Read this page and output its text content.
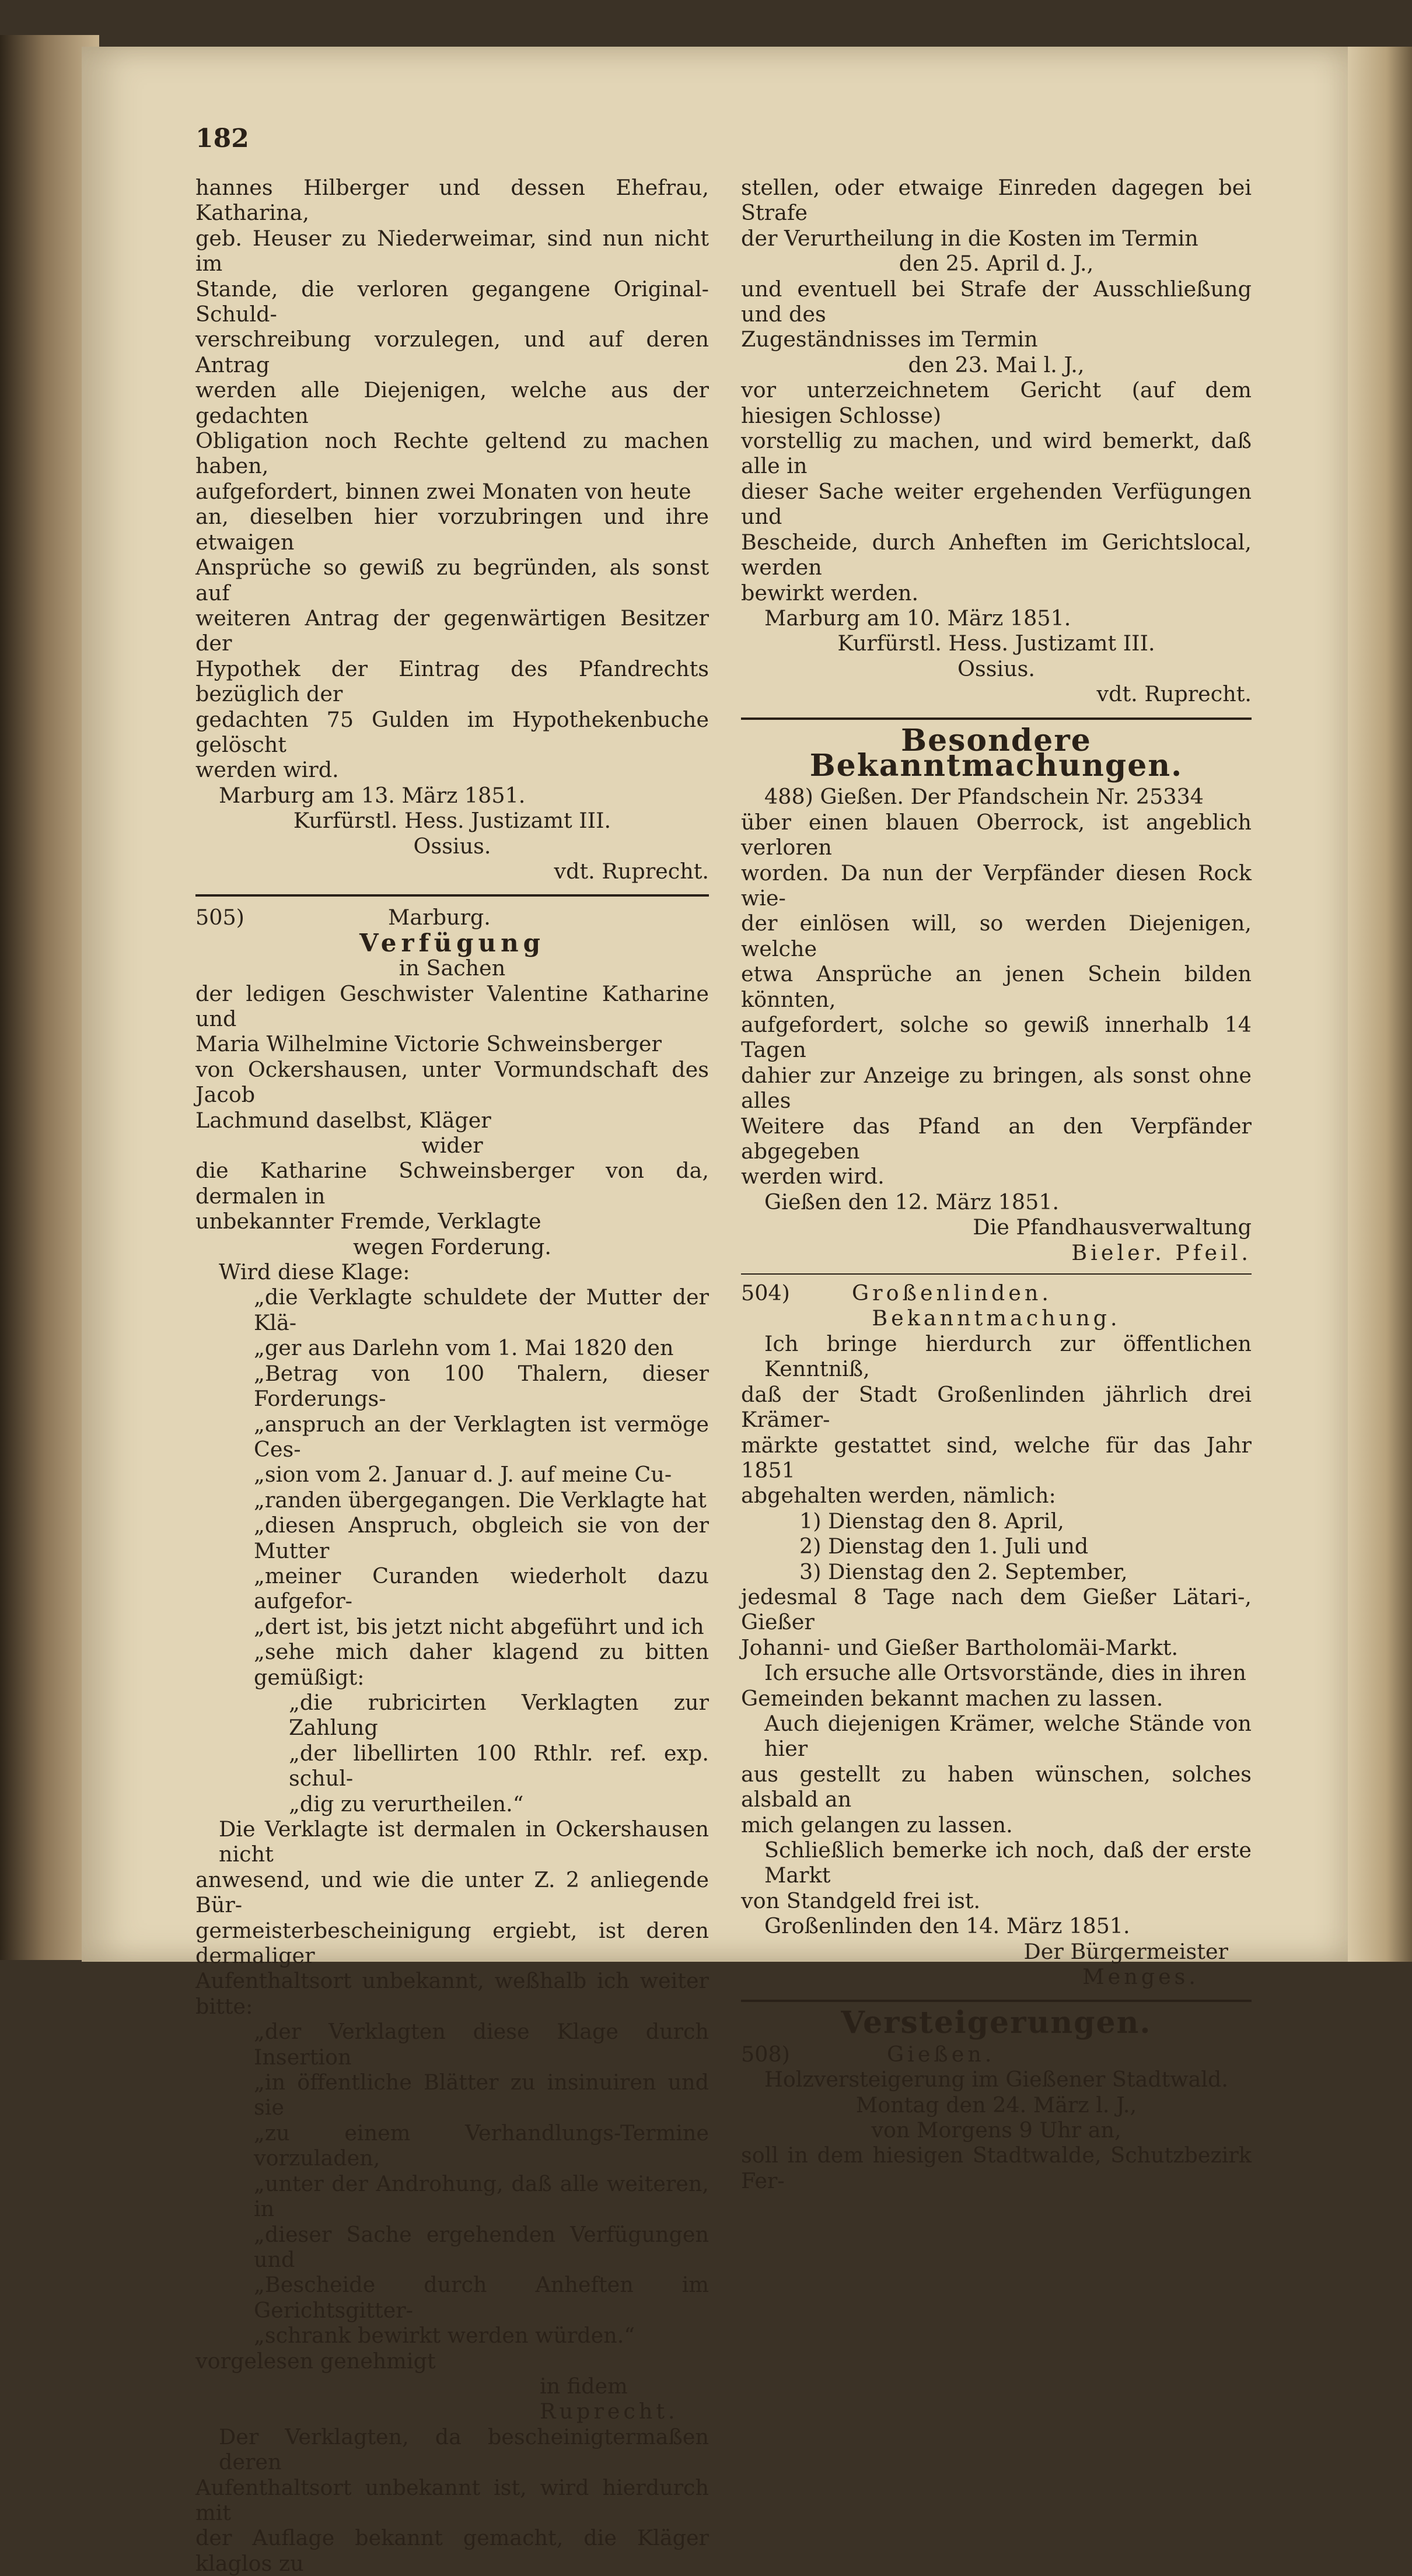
182

hannes Hilberger und dessen Ehefrau, Katharina,

geb. Heuser zu Niederweimar, sind nun nicht im

Stande, die verloren gegangene Original-Schuld-

verschreibung vorzulegen, und auf deren Antrag

werden alle Diejenigen, welche aus der gedachten

Obligation noch Rechte geltend zu machen haben,

aufgefordert, binnen zwei Monaten von heute

an, dieselben hier vorzubringen und ihre etwaigen

Ansprüche so gewiß zu begründen, als sonst auf

weiteren Antrag der gegenwärtigen Besitzer der

Hypothek der Eintrag des Pfandrechts bezüglich der

gedachten 75 Gulden im Hypothekenbuche gelöscht

werden wird.

Marburg am 13. März 1851.

Kurfürstl. Hess. Justizamt III.

Ossius.

vdt. Ruprecht.

505)	Marburg.

Verfügung

in Sachen

der ledigen Geschwister Valentine Katharine und

Maria Wilhelmine Victorie Schweinsberger

von Ockershausen, unter Vormundschaft des Jacob

Lachmund daselbst, Kläger

wider

die Katharine Schweinsberger von da, dermalen in

unbekannter Fremde, Verklagte

wegen Forderung.

Wird diese Klage:

„die Verklagte schuldete der Mutter der Klä-

„ger aus Darlehn vom 1. Mai 1820 den

„Betrag von 100 Thalern, dieser Forderungs-

„anspruch an der Verklagten ist vermöge Ces-

„sion vom 2. Januar d. J. auf meine Cu-

„randen übergegangen. Die Verklagte hat

„diesen Anspruch, obgleich sie von der Mutter

„meiner Curanden wiederholt dazu aufgefor-

„dert ist, bis jetzt nicht abgeführt und ich

„sehe mich daher klagend zu bitten gemüßigt:

„die rubricirten Verklagten zur Zahlung

„der libellirten 100 Rthlr. ref. exp. schul-

„dig zu verurtheilen.“

Die Verklagte ist dermalen in Ockershausen nicht

anwesend, und wie die unter Z. 2 anliegende Bür-

germeisterbescheinigung ergiebt, ist deren dermaliger

Aufenthaltsort unbekannt, weßhalb ich weiter bitte:

„der Verklagten diese Klage durch Insertion

„in öffentliche Blätter zu insinuiren und sie

„zu einem Verhandlungs-Termine vorzuladen,

„unter der Androhung, daß alle weiteren, in

„dieser Sache ergehenden Verfügungen und

„Bescheide durch Anheften im Gerichtsgitter-

„schrank bewirkt werden würden.“

vorgelesen genehmigt

in fidem

Ruprecht.

Der Verklagten, da bescheinigtermaßen deren

Aufenthaltsort unbekannt ist, wird hierdurch mit

der Auflage bekannt gemacht, die Kläger klaglos zu

stellen, oder etwaige Einreden dagegen bei Strafe

der Verurtheilung in die Kosten im Termin

den 25. April d. J.,

und eventuell bei Strafe der Ausschließung und des

Zugeständnisses im Termin

den 23. Mai l. J.,

vor unterzeichnetem Gericht (auf dem hiesigen Schlosse)

vorstellig zu machen, und wird bemerkt, daß alle in

dieser Sache weiter ergehenden Verfügungen und

Bescheide, durch Anheften im Gerichtslocal, werden

bewirkt werden.

Marburg am 10. März 1851.

Kurfürstl. Hess. Justizamt III.

Ossius.

vdt. Ruprecht.

Besondere Bekanntmachungen.

488) Gießen. Der Pfandschein Nr. 25334

über einen blauen Oberrock, ist angeblich verloren

worden. Da nun der Verpfänder diesen Rock wie-

der einlösen will, so werden Diejenigen, welche

etwa Ansprüche an jenen Schein bilden könnten,

aufgefordert, solche so gewiß innerhalb 14 Tagen

dahier zur Anzeige zu bringen, als sonst ohne alles

Weitere das Pfand an den Verpfänder abgegeben

werden wird.

Gießen den 12. März 1851.

Die Pfandhausverwaltung

Bieler. Pfeil.

504)	Großenlinden.

Bekanntmachung.

Ich bringe hierdurch zur öffentlichen Kenntniß,

daß der Stadt Großenlinden jährlich drei Krämer-

märkte gestattet sind, welche für das Jahr 1851

abgehalten werden, nämlich:

1) Dienstag den 8. April,

2) Dienstag den 1. Juli und

3) Dienstag den 2. September,

jedesmal 8 Tage nach dem Gießer Lätari-, Gießer

Johanni- und Gießer Bartholomäi-Markt.

Ich ersuche alle Ortsvorstände, dies in ihren

Gemeinden bekannt machen zu lassen.

Auch diejenigen Krämer, welche Stände von hier

aus gestellt zu haben wünschen, solches alsbald an

mich gelangen zu lassen.

Schließlich bemerke ich noch, daß der erste Markt

von Standgeld frei ist.

Großenlinden den 14. März 1851.

Der Bürgermeister

Menges.

Versteigerungen.

508)	Gießen.

Holzversteigerung im Gießener Stadtwald.

Montag den 24. März l. J.,

von Morgens 9 Uhr an,

soll in dem hiesigen Stadtwalde, Schutzbezirk Fer-
